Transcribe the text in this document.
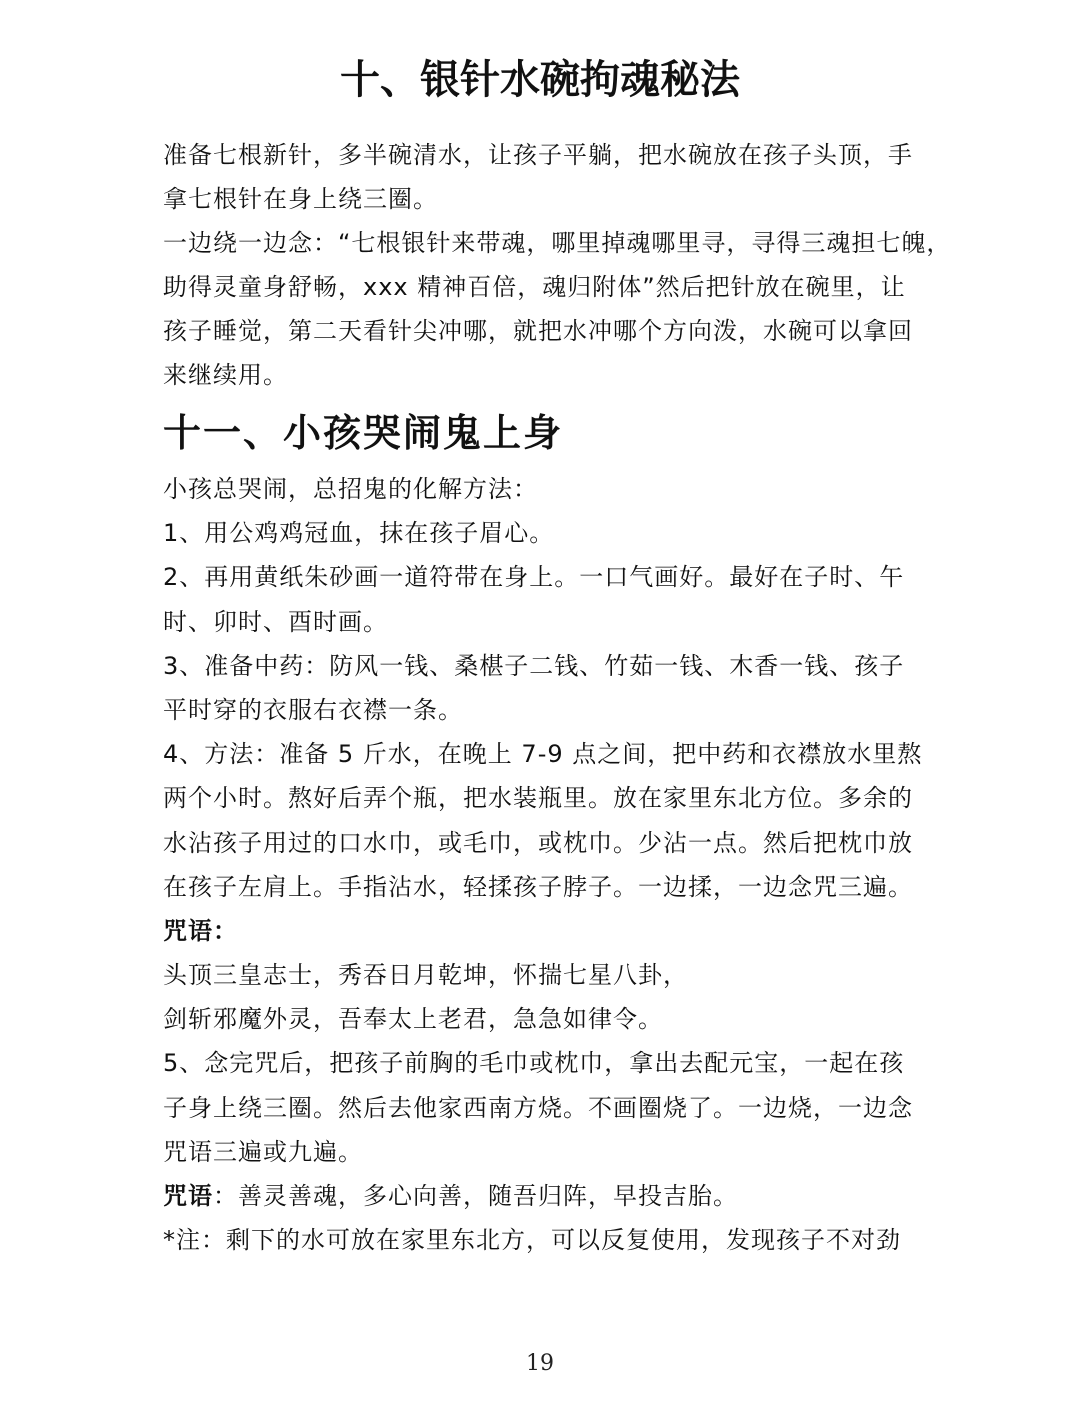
十、银针水碗拘魂秘法
准备七根新针，多半碗清水，让孩子平躺，把水碗放在孩子头顶，手
拿七根针在身上绕三圈。
一边绕一边念：“七根银针来带魂，哪里掉魂哪里寻，寻得三魂担七魄，
助得灵童身舒畅，xxx 精神百倍，魂归附体”然后把针放在碗里，让
孩子睡觉，第二天看针尖冲哪，就把水冲哪个方向泼，水碗可以拿回
来继续用。
十一、小孩哭闹鬼上身
小孩总哭闹，总招鬼的化解方法：
1、用公鸡鸡冠血，抹在孩子眉心。
2、再用黄纸朱砂画一道符带在身上。一口气画好。最好在子时、午
时、卯时、酉时画。
3、准备中药：防风一钱、桑椹子二钱、竹茹一钱、木香一钱、孩子
平时穿的衣服右衣襟一条。
4、方法：准备 5 斤水，在晚上 7-9 点之间，把中药和衣襟放水里熬
两个小时。熬好后弄个瓶，把水装瓶里。放在家里东北方位。多余的
水沾孩子用过的口水巾，或毛巾，或枕巾。少沾一点。然后把枕巾放
在孩子左肩上。手指沾水，轻揉孩子脖子。一边揉，一边念咒三遍。
咒语：
头顶三皇志士，秀吞日月乾坤，怀揣七星八卦，
剑斩邪魔外灵，吾奉太上老君，急急如律令。
5、念完咒后，把孩子前胸的毛巾或枕巾，拿出去配元宝，一起在孩
子身上绕三圈。然后去他家西南方烧。不画圈烧了。一边烧，一边念
咒语三遍或九遍。
咒语：善灵善魂，多心向善，随吾归阵，早投吉胎。
*注：剩下的水可放在家里东北方，可以反复使用，发现孩子不对劲
19
